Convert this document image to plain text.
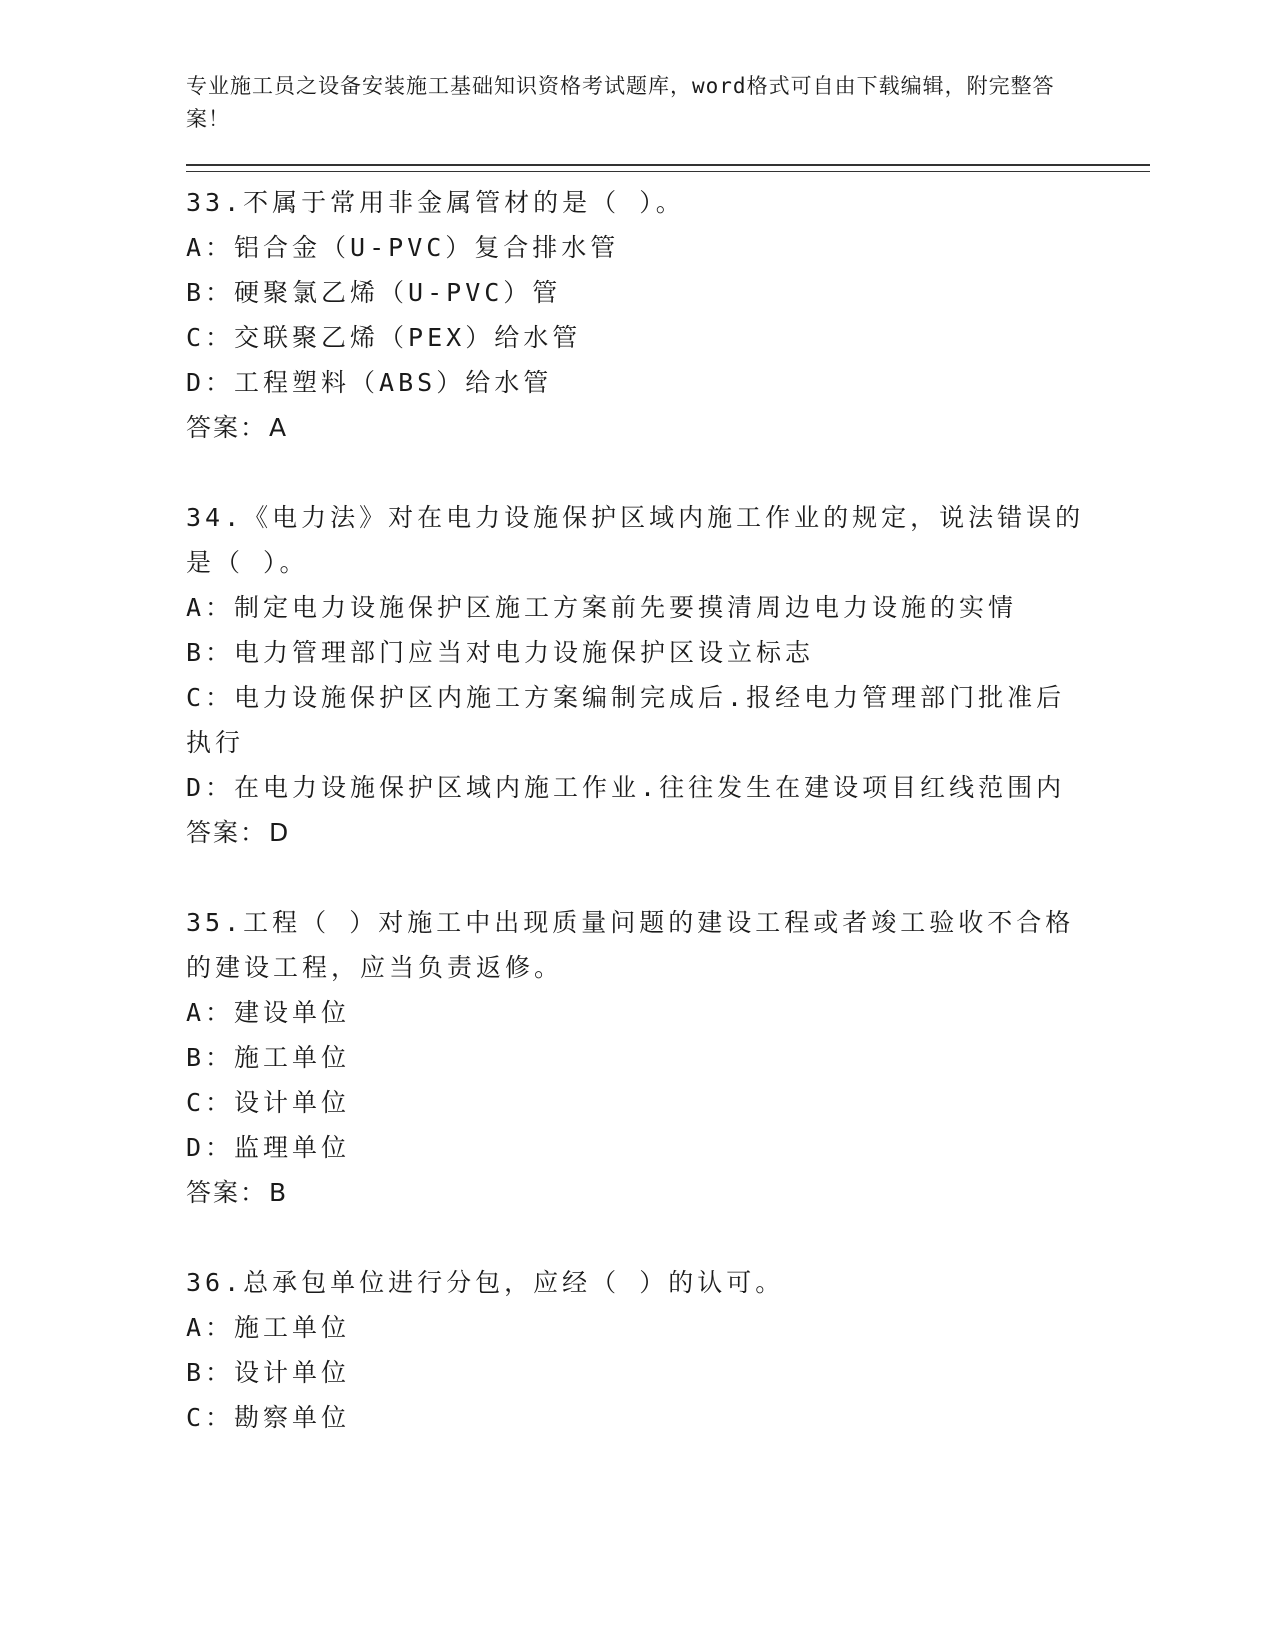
专业施工员之设备安装施工基础知识资格考试题库，word格式可自由下载编辑，附完整答案！
33.不属于常用非金属管材的是（ ）。
A：铝合金（U-PVC）复合排水管
B：硬聚氯乙烯（U-PVC）管
C：交联聚乙烯（PEX）给水管
D：工程塑料（ABS）给水管
答案：A
34.《电力法》对在电力设施保护区域内施工作业的规定，说法错误的是（ ）。
A：制定电力设施保护区施工方案前先要摸清周边电力设施的实情
B：电力管理部门应当对电力设施保护区设立标志
C：电力设施保护区内施工方案编制完成后.报经电力管理部门批准后执行
D：在电力设施保护区域内施工作业.往往发生在建设项目红线范围内
答案：D
35.工程（ ）对施工中出现质量问题的建设工程或者竣工验收不合格的建设工程，应当负责返修。
A：建设单位
B：施工单位
C：设计单位
D：监理单位
答案：B
36.总承包单位进行分包，应经（ ）的认可。
A：施工单位
B：设计单位
C：勘察单位
